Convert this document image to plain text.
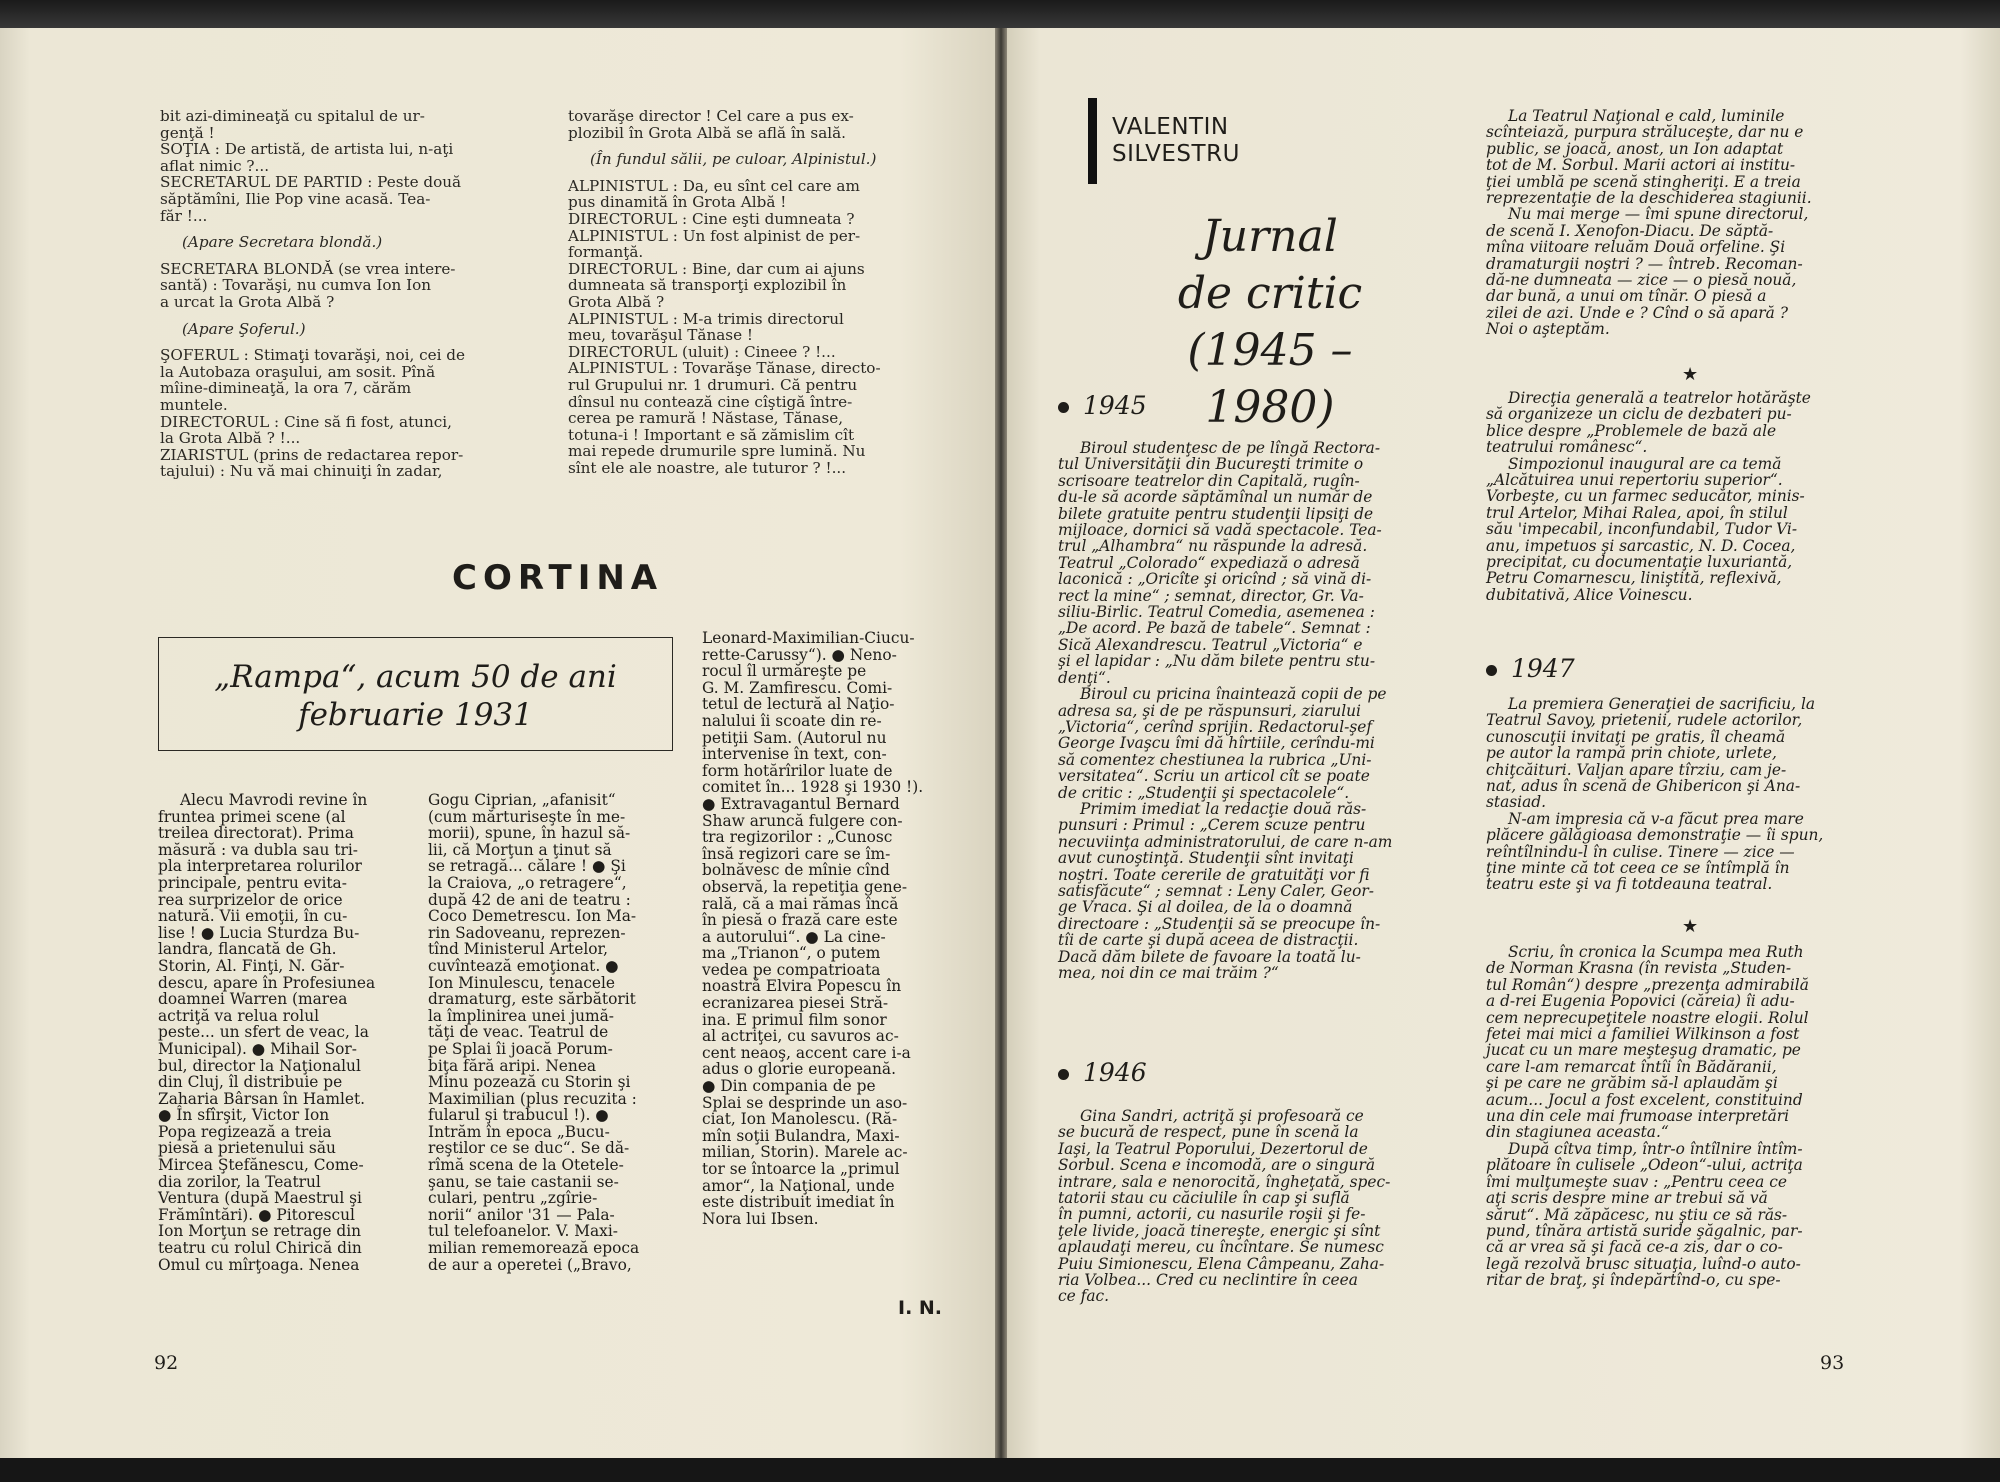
bit azi-dimineaţă cu spitalul de ur-

genţă !

SOŢIA : De artistă, de artista lui, n-aţi

aflat nimic ?...

SECRETARUL DE PARTID : Peste două

săptămîni, Ilie Pop vine acasă. Tea-

făr !...

(Apare Secretara blondă.)

SECRETARA BLONDĂ (se vrea intere-

santă) : Tovarăşi, nu cumva Ion Ion

a urcat la Grota Albă ?

(Apare Şoferul.)

ŞOFERUL : Stimaţi tovarăşi, noi, cei de

la Autobaza oraşului, am sosit. Pînă

mîine-dimineaţă, la ora 7, cărăm

muntele.

DIRECTORUL : Cine să fi fost, atunci,

la Grota Albă ? !...

ZIARISTUL (prins de redactarea repor-

tajului) : Nu vă mai chinuiţi în zadar,

tovarăşe director ! Cel care a pus ex-

plozibil în Grota Albă se află în sală.

(În fundul sălii, pe culoar, Alpinistul.)

ALPINISTUL : Da, eu sînt cel care am

pus dinamită în Grota Albă !

DIRECTORUL : Cine eşti dumneata ?

ALPINISTUL : Un fost alpinist de per-

formanţă.

DIRECTORUL : Bine, dar cum ai ajuns

dumneata să transporţi explozibil în

Grota Albă ?

ALPINISTUL : M-a trimis directorul

meu, tovarăşul Tănase !

DIRECTORUL (uluit) : Cineee ? !...

ALPINISTUL : Tovarăşe Tănase, directo-

rul Grupului nr. 1 drumuri. Că pentru

dînsul nu contează cine cîştigă între-

cerea pe ramură ! Năstase, Tănase,

totuna-i ! Important e să zămislim cît

mai repede drumurile spre lumină. Nu

sînt ele ale noastre, ale tuturor ? !...

CORTINA
„Rampa“, acum 50 de ani
februarie 1931

Alecu Mavrodi revine în

fruntea primei scene (al

treilea directorat). Prima

măsură : va dubla sau tri-

pla interpretarea rolurilor

principale, pentru evita-

rea surprizelor de orice

natură. Vii emoţii, în cu-

lise ! ● Lucia Sturdza Bu-

landra, flancată de Gh.

Storin, Al. Finţi, N. Găr-

descu, apare în Profesiunea

doamnei Warren (marea

actriţă va relua rolul

peste... un sfert de veac, la

Municipal). ● Mihail Sor-

bul, director la Naţionalul

din Cluj, îl distribuie pe

Zaharia Bârsan în Hamlet.

● În sfîrşit, Victor Ion

Popa regizează a treia

piesă a prietenului său

Mircea Ştefănescu, Come-

dia zorilor, la Teatrul

Ventura (după Maestrul şi

Frămîntări). ● Pitorescul

Ion Morţun se retrage din

teatru cu rolul Chirică din

Omul cu mîrţoaga. Nenea

Gogu Ciprian, „afanisit“

(cum mărturiseşte în me-

morii), spune, în hazul să-

lii, că Morţun a ţinut să

se retragă... călare ! ● Şi

la Craiova, „o retragere“,

după 42 de ani de teatru :

Coco Demetrescu. Ion Ma-

rin Sadoveanu, reprezen-

tînd Ministerul Artelor,

cuvîntează emoţionat. ●

Ion Minulescu, tenacele

dramaturg, este sărbătorit

la împlinirea unei jumă-

tăţi de veac. Teatrul de

pe Splai îi joacă Porum-

biţa fără aripi. Nenea

Minu pozează cu Storin şi

Maximilian (plus recuzita :

fularul şi trabucul !). ●

Intrăm în epoca „Bucu-

reştilor ce se duc“. Se dă-

rîmă scena de la Otetele-

şanu, se taie castanii se-

culari, pentru „zgîrie-

norii“ anilor '31 — Pala-

tul telefoanelor. V. Maxi-

milian rememorează epoca

de aur a operetei („Bravo,

Leonard-Maximilian-Ciucu-

rette-Carussy“). ● Neno-

rocul îl urmăreşte pe

G. M. Zamfirescu. Comi-

tetul de lectură al Naţio-

nalului îi scoate din re-

petiţii Sam. (Autorul nu

intervenise în text, con-

form hotărîrilor luate de

comitet în... 1928 şi 1930 !).

● Extravagantul Bernard

Shaw aruncă fulgere con-

tra regizorilor : „Cunosc

însă regizori care se îm-

bolnăvesc de mînie cînd

observă, la repetiţia gene-

rală, că a mai rămas încă

în piesă o frază care este

a autorului“. ● La cine-

ma „Trianon“, o putem

vedea pe compatrioata

noastră Elvira Popescu în

ecranizarea piesei Stră-

ina. E primul film sonor

al actriţei, cu savuros ac-

cent neaoş, accent care i-a

adus o glorie europeană.

● Din compania de pe

Splai se desprinde un aso-

ciat, Ion Manolescu. (Ră-

mîn soţii Bulandra, Maxi-

milian, Storin). Marele ac-

tor se întoarce la „primul

amor“, la Naţional, unde

este distribuit imediat în

Nora lui Ibsen.

I. N.
92
VALENTIN
SILVESTRU
Jurnal
de critic
(1945 – 1980)
1945

Biroul studenţesc de pe lîngă Rectora-

tul Universităţii din Bucureşti trimite o

scrisoare teatrelor din Capitală, rugîn-

du-le să acorde săptămînal un număr de

bilete gratuite pentru studenţii lipsiţi de

mijloace, dornici să vadă spectacole. Tea-

trul „Alhambra“ nu răspunde la adresă.

Teatrul „Colorado“ expediază o adresă

laconică : „Oricîte şi oricînd ; să vină di-

rect la mine“ ; semnat, director, Gr. Va-

siliu-Birlic. Teatrul Comedia, asemenea :

„De acord. Pe bază de tabele“. Semnat :

Sică Alexandrescu. Teatrul „Victoria“ e

şi el lapidar : „Nu dăm bilete pentru stu-

denţi“.

Biroul cu pricina înaintează copii de pe

adresa sa, şi de pe răspunsuri, ziarului

„Victoria“, cerînd sprijin. Redactorul-şef

George Ivaşcu îmi dă hîrtiile, cerîndu-mi

să comentez chestiunea la rubrica „Uni-

versitatea“. Scriu un articol cît se poate

de critic : „Studenţii şi spectacolele“.

Primim imediat la redacţie două răs-

punsuri : Primul : „Cerem scuze pentru

necuviinţa administratorului, de care n-am

avut cunoştinţă. Studenţii sînt invitaţi

noştri. Toate cererile de gratuităţi vor fi

satisfăcute“ ; semnat : Leny Caler, Geor-

ge Vraca. Şi al doilea, de la o doamnă

directoare : „Studenţii să se preocupe în-

tîi de carte şi după aceea de distracţii.

Dacă dăm bilete de favoare la toată lu-

mea, noi din ce mai trăim ?“

1946

Gina Sandri, actriţă şi profesoară ce

se bucură de respect, pune în scenă la

Iaşi, la Teatrul Poporului, Dezertorul de

Sorbul. Scena e incomodă, are o singură

intrare, sala e nenorocită, îngheţată, spec-

tatorii stau cu căciulile în cap şi suflă

în pumni, actorii, cu nasurile roşii şi fe-

ţele livide, joacă tinereşte, energic şi sînt

aplaudaţi mereu, cu încîntare. Se numesc

Puiu Simionescu, Elena Câmpeanu, Zaha-

ria Volbea... Cred cu neclintire în ceea

ce fac.

La Teatrul Naţional e cald, luminile

scînteiază, purpura străluceşte, dar nu e

public, se joacă, anost, un Ion adaptat

tot de M. Sorbul. Marii actori ai institu-

ţiei umblă pe scenă stingheriţi. E a treia

reprezentaţie de la deschiderea stagiunii.

Nu mai merge — îmi spune directorul,

de scenă I. Xenofon-Diacu. De săptă-

mîna viitoare reluăm Două orfeline. Şi

dramaturgii noştri ? — întreb. Recoman-

dă-ne dumneata — zice — o piesă nouă,

dar bună, a unui om tînăr. O piesă a

zilei de azi. Unde e ? Cînd o să apară ?

Noi o aşteptăm.

★

Direcţia generală a teatrelor hotărăşte

să organizeze un ciclu de dezbateri pu-

blice despre „Problemele de bază ale

teatrului românesc“.

Simpozionul inaugural are ca temă

„Alcătuirea unui repertoriu superior“.

Vorbeşte, cu un farmec seducător, minis-

trul Artelor, Mihai Ralea, apoi, în stilul

său 'impecabil, inconfundabil, Tudor Vi-

anu, impetuos şi sarcastic, N. D. Cocea,

precipitat, cu documentaţie luxuriantă,

Petru Comarnescu, liniştită, reflexivă,

dubitativă, Alice Voinescu.

1947

La premiera Generaţiei de sacrificiu, la

Teatrul Savoy, prietenii, rudele actorilor,

cunoscuţii invitaţi pe gratis, îl cheamă

pe autor la rampă prin chiote, urlete,

chiţcăituri. Valjan apare tîrziu, cam je-

nat, adus în scenă de Ghibericon şi Ana-

stasiad.

N-am impresia că v-a făcut prea mare

plăcere gălăgioasa demonstraţie — îi spun,

reîntîlnindu-l în culise. Tinere — zice —

ţine minte că tot ceea ce se întîmplă în

teatru este şi va fi totdeauna teatral.

★

Scriu, în cronica la Scumpa mea Ruth

de Norman Krasna (în revista „Studen-

tul Român“) despre „prezenţa admirabilă

a d-rei Eugenia Popovici (căreia) îi adu-

cem neprecupeţitele noastre elogii. Rolul

fetei mai mici a familiei Wilkinson a fost

jucat cu un mare meşteşug dramatic, pe

care l-am remarcat întîi în Bădăranii,

şi pe care ne grăbim să-l aplaudăm şi

acum... Jocul a fost excelent, constituind

una din cele mai frumoase interpretări

din stagiunea aceasta.“

După cîtva timp, într-o întîlnire întîm-

plătoare în culisele „Odeon“-ului, actriţa

îmi mulţumeşte suav : „Pentru ceea ce

aţi scris despre mine ar trebui să vă

sărut“. Mă zăpăcesc, nu ştiu ce să răs-

pund, tînăra artistă suride şăgalnic, par-

că ar vrea să şi facă ce-a zis, dar o co-

legă rezolvă brusc situaţia, luînd-o auto-

ritar de braţ, şi îndepărtînd-o, cu spe-

93
